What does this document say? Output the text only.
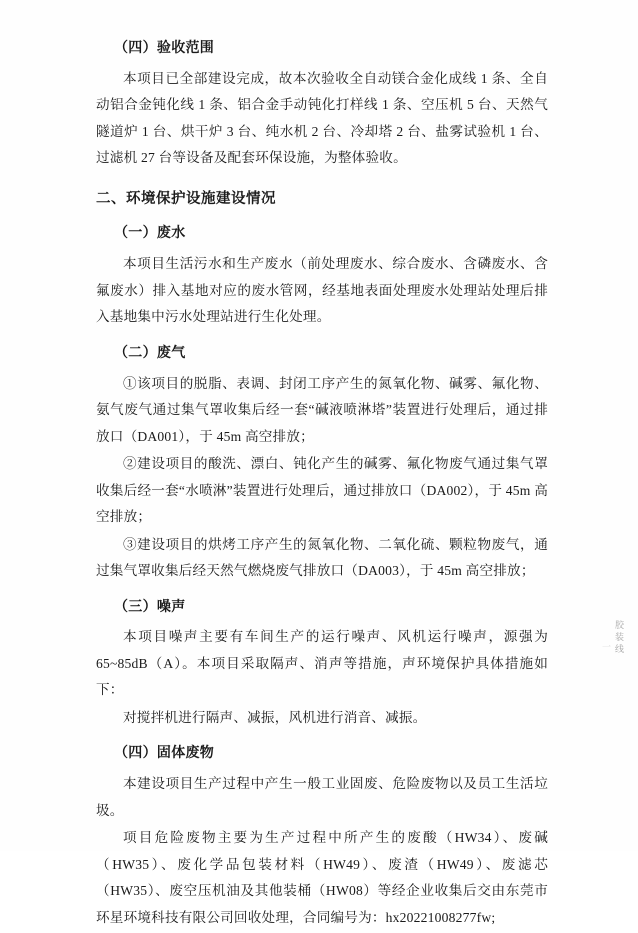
（四）验收范围

本项目已全部建设完成，故本次验收全自动镁合金化成线 1 条、全自动铝合金钝化线 1 条、铝合金手动钝化打样线 1 条、空压机 5 台、天然气隧道炉 1 台、烘干炉 3 台、纯水机 2 台、冷却塔 2 台、盐雾试验机 1 台、过滤机 27 台等设备及配套环保设施，为整体验收。

二、环境保护设施建设情况
（一）废水

本项目生活污水和生产废水（前处理废水、综合废水、含磷废水、含氟废水）排入基地对应的废水管网，经基地表面处理废水处理站处理后排入基地集中污水处理站进行生化处理。

（二）废气

①该项目的脱脂、表调、封闭工序产生的氮氧化物、碱雾、氟化物、氨气废气通过集气罩收集后经一套“碱液喷淋塔”装置进行处理后，通过排放口（DA001），于 45m 高空排放；

②建设项目的酸洗、漂白、钝化产生的碱雾、氟化物废气通过集气罩收集后经一套“水喷淋”装置进行处理后，通过排放口（DA002），于 45m 高空排放；

③建设项目的烘烤工序产生的氮氧化物、二氧化硫、颗粒物废气，通过集气罩收集后经天然气燃烧废气排放口（DA003），于 45m 高空排放；

（三）噪声

本项目噪声主要有车间生产的运行噪声、风机运行噪声，源强为 65~85dB（A）。本项目采取隔声、消声等措施，声环境保护具体措施如下：

对搅拌机进行隔声、减振，风机进行消音、减振。

（四）固体废物

本建设项目生产过程中产生一般工业固废、危险废物以及员工生活垃圾。

项目危险废物主要为生产过程中所产生的废酸（HW34）、废碱（HW35）、废化学品包装材料（HW49）、废渣（HW49）、废滤芯（HW35）、废空压机油及其他装桶（HW08）等经企业收集后交由东莞市环星环境科技有限公司回收处理，合同编号为：hx20221008277fw;

胶装线
一
